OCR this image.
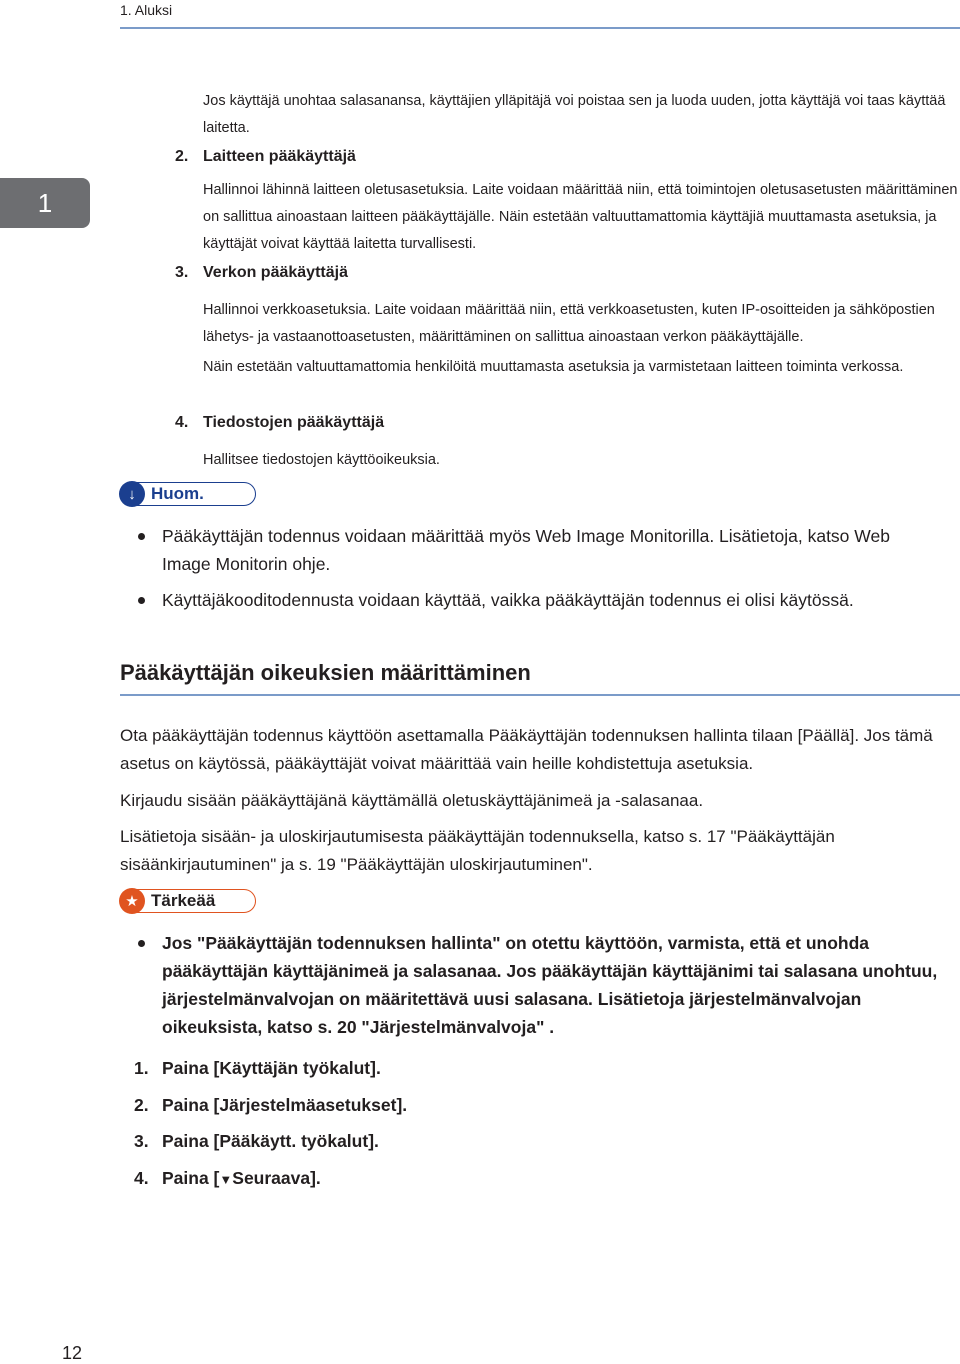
1. Aluksi
1
Jos käyttäjä unohtaa salasanansa, käyttäjien ylläpitäjä voi poistaa sen ja luoda uuden, jotta käyttäjä voi taas käyttää laitetta.
2. Laitteen pääkäyttäjä
Hallinnoi lähinnä laitteen oletusasetuksia. Laite voidaan määrittää niin, että toimintojen oletusasetusten määrittäminen on sallittua ainoastaan laitteen pääkäyttäjälle. Näin estetään valtuuttamattomia käyttäjiä muuttamasta asetuksia, ja käyttäjät voivat käyttää laitetta turvallisesti.
3. Verkon pääkäyttäjä
Hallinnoi verkkoasetuksia. Laite voidaan määrittää niin, että verkkoasetusten, kuten IP-osoitteiden ja sähköpostien lähetys- ja vastaanottoasetusten, määrittäminen on sallittua ainoastaan verkon pääkäyttäjälle.
Näin estetään valtuuttamattomia henkilöitä muuttamasta asetuksia ja varmistetaan laitteen toiminta verkossa.
4. Tiedostojen pääkäyttäjä
Hallitsee tiedostojen käyttöoikeuksia.
↓ Huom.
Pääkäyttäjän todennus voidaan määrittää myös Web Image Monitorilla. Lisätietoja, katso Web Image Monitorin ohje.
Käyttäjäkooditodennusta voidaan käyttää, vaikka pääkäyttäjän todennus ei olisi käytössä.
Pääkäyttäjän oikeuksien määrittäminen
Ota pääkäyttäjän todennus käyttöön asettamalla Pääkäyttäjän todennuksen hallinta tilaan [Päällä]. Jos tämä asetus on käytössä, pääkäyttäjät voivat määrittää vain heille kohdistettuja asetuksia.
Kirjaudu sisään pääkäyttäjänä käyttämällä oletuskäyttäjänimeä ja -salasanaa.
Lisätietoja sisään- ja uloskirjautumisesta pääkäyttäjän todennuksella, katso s. 17 "Pääkäyttäjän sisäänkirjautuminen" ja s. 19 "Pääkäyttäjän uloskirjautuminen".
★ Tärkeää
Jos "Pääkäyttäjän todennuksen hallinta" on otettu käyttöön, varmista, että et unohda pääkäyttäjän käyttäjänimeä ja salasanaa. Jos pääkäyttäjän käyttäjänimi tai salasana unohtuu, järjestelmänvalvojan on määritettävä uusi salasana. Lisätietoja järjestelmänvalvojan oikeuksista, katso s. 20 "Järjestelmänvalvoja" .
1. Paina [Käyttäjän työkalut].
2. Paina [Järjestelmäasetukset].
3. Paina [Pääkäytt. työkalut].
4. Paina [▼Seuraava].
12
